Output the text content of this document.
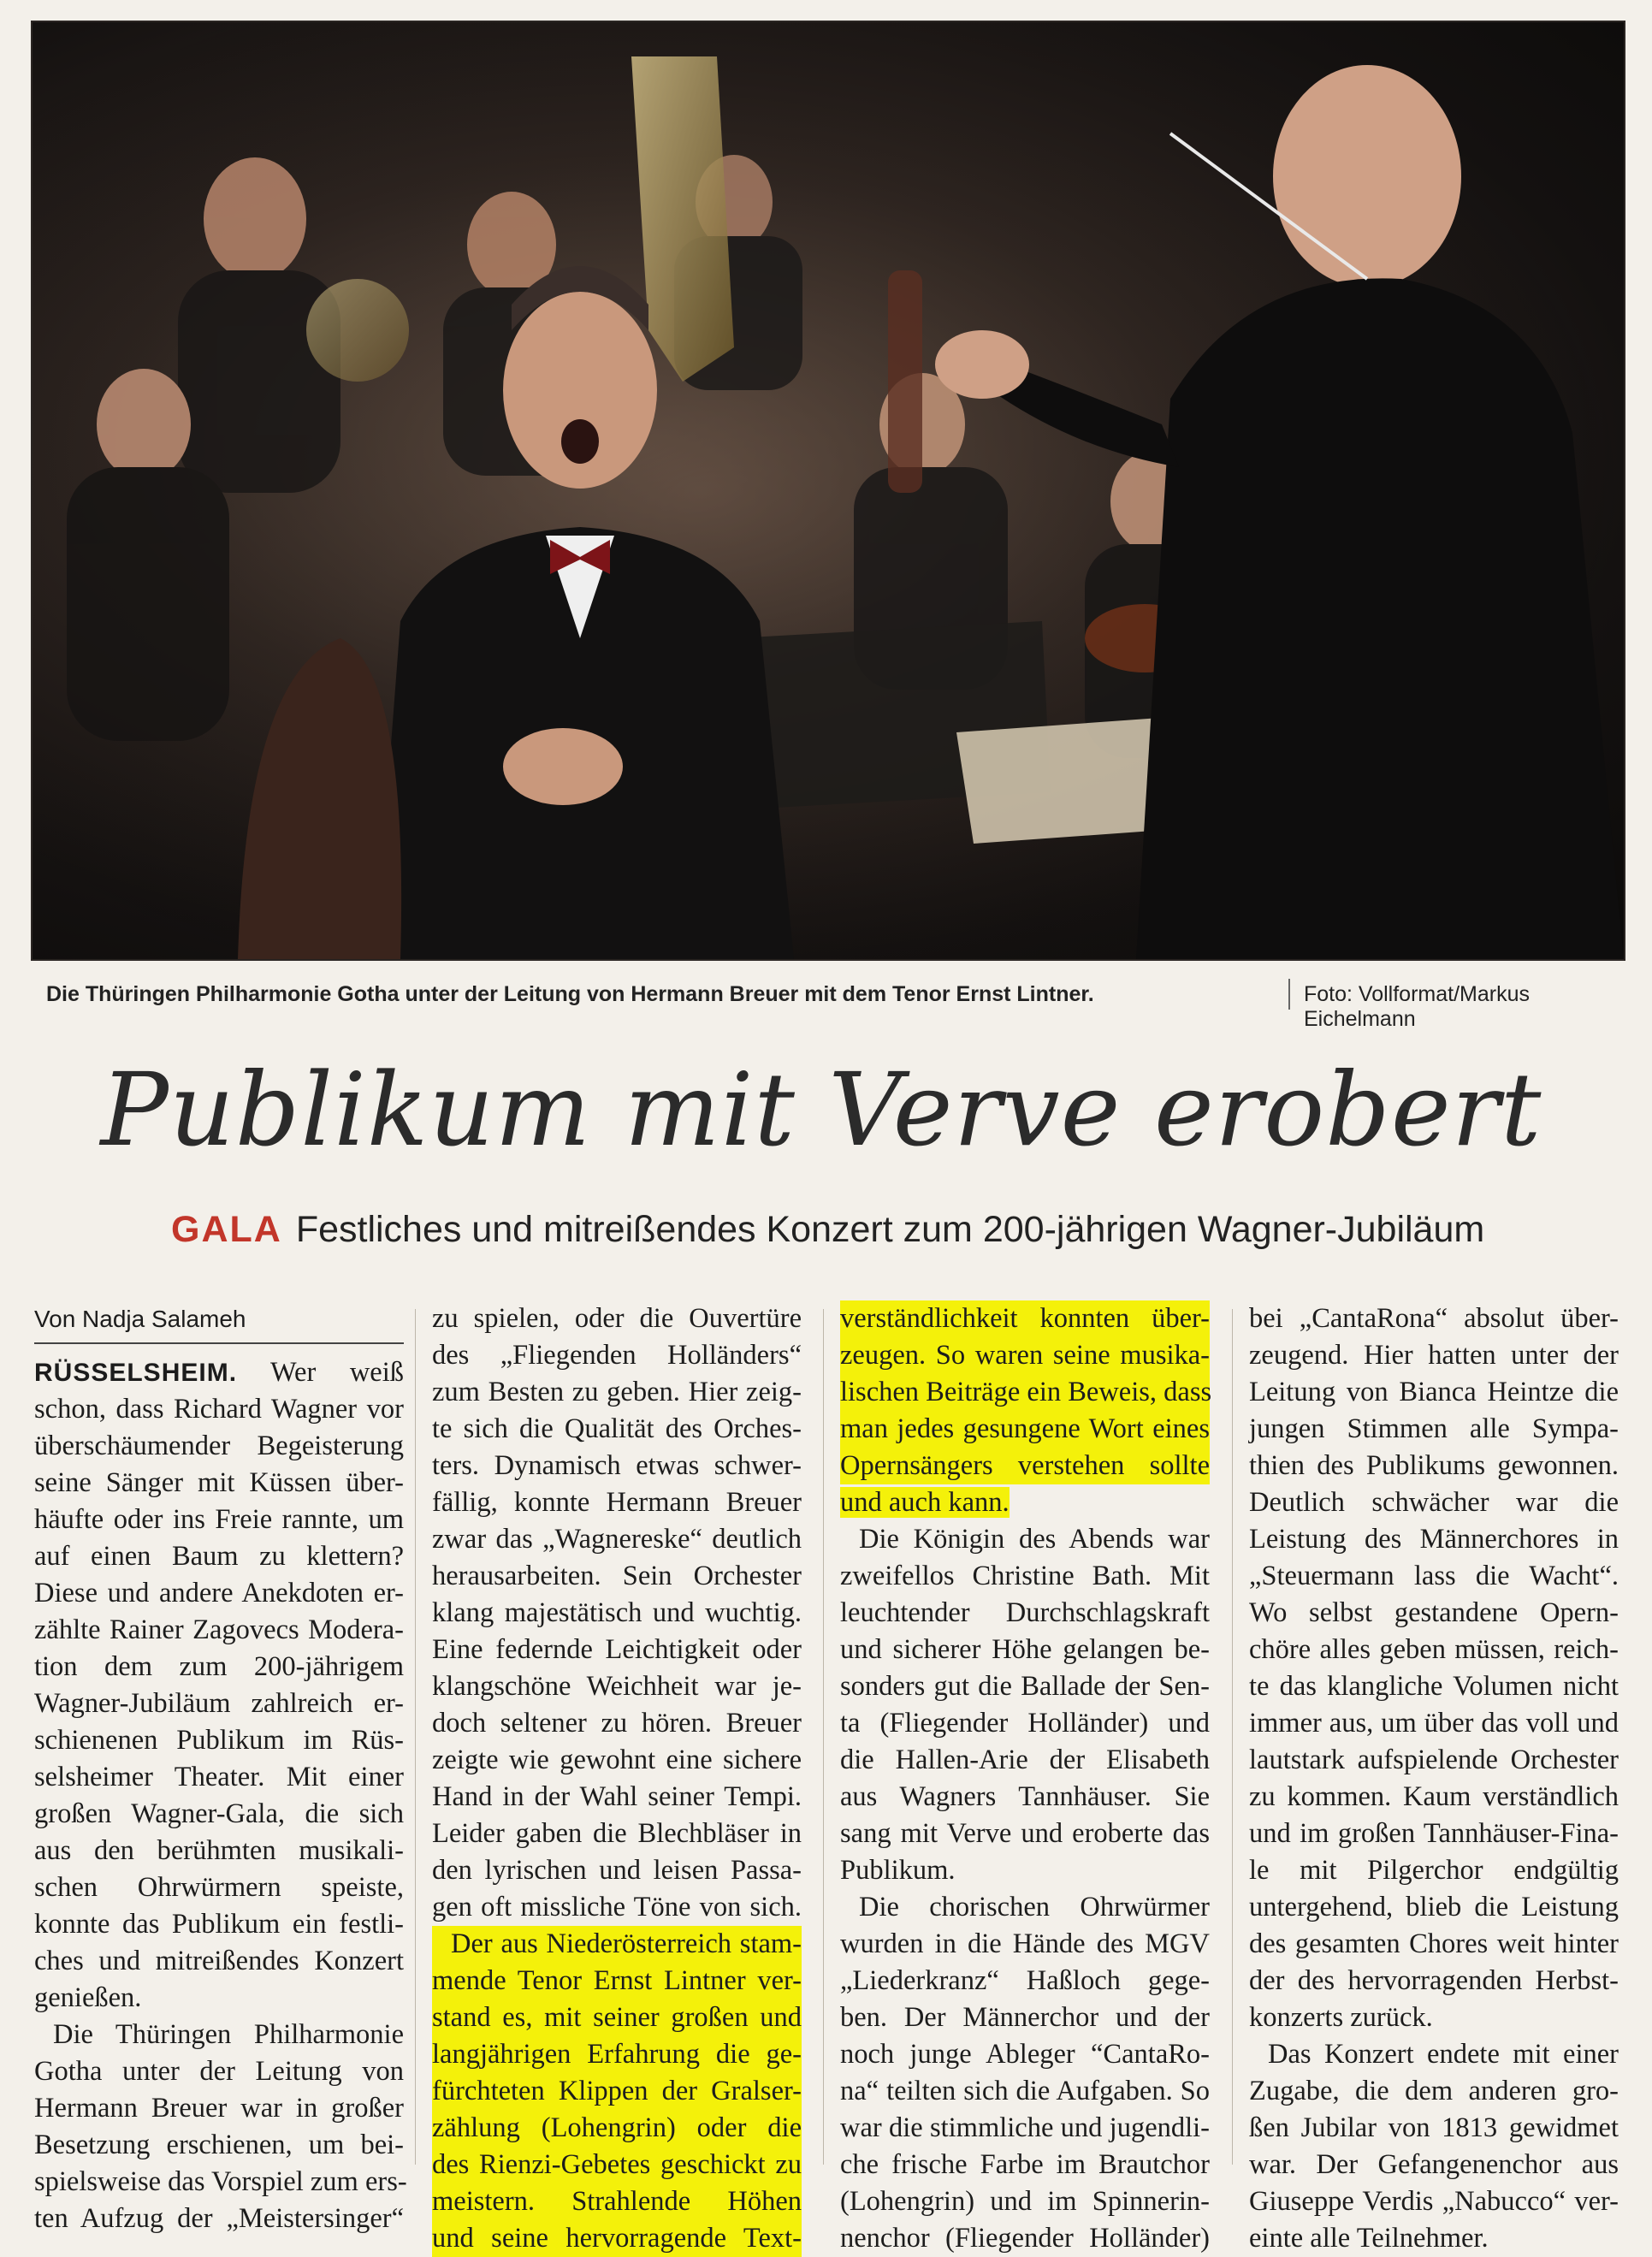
Die Thüringen Philharmonie Gotha unter der Leitung von Hermann Breuer mit dem Tenor Ernst Lintner.	Foto: Vollformat/Markus Eichelmann
Publikum mit Verve erobert
GALA Festliches und mitreißendes Konzert zum 200-jährigen Wagner-Jubiläum
Von Nadja Salameh
RÜSSELSHEIM. Wer weiß
schon, dass Richard Wagner vor
überschäumender Begeisterung
seine Sänger mit Küssen über-
häufte oder ins Freie rannte, um
auf einen Baum zu klettern?
Diese und andere Anekdoten er-
zählte Rainer Zagovecs Modera-
tion dem zum 200-jährigem
Wagner-Jubiläum zahlreich er-
schienenen Publikum im Rüs-
selsheimer Theater. Mit einer
großen Wagner-Gala, die sich
aus den berühmten musikali-
schen Ohrwürmern speiste,
konnte das Publikum ein festli-
ches und mitreißendes Konzert
genießen.
Die Thüringen Philharmonie
Gotha unter der Leitung von
Hermann Breuer war in großer
Besetzung erschienen, um bei-
spielsweise das Vorspiel zum ers-
ten Aufzug der „Meistersinger“
zu spielen, oder die Ouvertüre
des „Fliegenden Holländers“
zum Besten zu geben. Hier zeig-
te sich die Qualität des Orches-
ters. Dynamisch etwas schwer-
fällig, konnte Hermann Breuer
zwar das „Wagnereske“ deutlich
herausarbeiten. Sein Orchester
klang majestätisch und wuchtig.
Eine federnde Leichtigkeit oder
klangschöne Weichheit war je-
doch seltener zu hören. Breuer
zeigte wie gewohnt eine sichere
Hand in der Wahl seiner Tempi.
Leider gaben die Blechbläser in
den lyrischen und leisen Passa-
gen oft missliche Töne von sich.
Der aus Niederösterreich stam-
mende Tenor Ernst Lintner ver-
stand es, mit seiner großen und
langjährigen Erfahrung die ge-
fürchteten Klippen der Gralser-
zählung (Lohengrin) oder die
des Rienzi-Gebetes geschickt zu
meistern. Strahlende Höhen
und seine hervorragende Text-
verständlichkeit konnten über-
zeugen. So waren seine musika-
lischen Beiträge ein Beweis, dass
man jedes gesungene Wort eines
Opernsängers verstehen sollte
und auch kann.
Die Königin des Abends war
zweifellos Christine Bath. Mit
leuchtender Durchschlagskraft
und sicherer Höhe gelangen be-
sonders gut die Ballade der Sen-
ta (Fliegender Holländer) und
die Hallen-Arie der Elisabeth
aus Wagners Tannhäuser. Sie
sang mit Verve und eroberte das
Publikum.
Die chorischen Ohrwürmer
wurden in die Hände des MGV
„Liederkranz“ Haßloch gege-
ben. Der Männerchor und der
noch junge Ableger “CantaRo-
na“ teilten sich die Aufgaben. So
war die stimmliche und jugendli-
che frische Farbe im Brautchor
(Lohengrin) und im Spinnerin-
nenchor (Fliegender Holländer)
bei „CantaRona“ absolut über-
zeugend. Hier hatten unter der
Leitung von Bianca Heintze die
jungen Stimmen alle Sympa-
thien des Publikums gewonnen.
Deutlich schwächer war die
Leistung des Männerchores in
„Steuermann lass die Wacht“.
Wo selbst gestandene Opern-
chöre alles geben müssen, reich-
te das klangliche Volumen nicht
immer aus, um über das voll und
lautstark aufspielende Orchester
zu kommen. Kaum verständlich
und im großen Tannhäuser-Fina-
le mit Pilgerchor endgültig
untergehend, blieb die Leistung
des gesamten Chores weit hinter
der des hervorragenden Herbst-
konzerts zurück.
Das Konzert endete mit einer
Zugabe, die dem anderen gro-
ßen Jubilar von 1813 gewidmet
war. Der Gefangenenchor aus
Giuseppe Verdis „Nabucco“ ver-
einte alle Teilnehmer.
